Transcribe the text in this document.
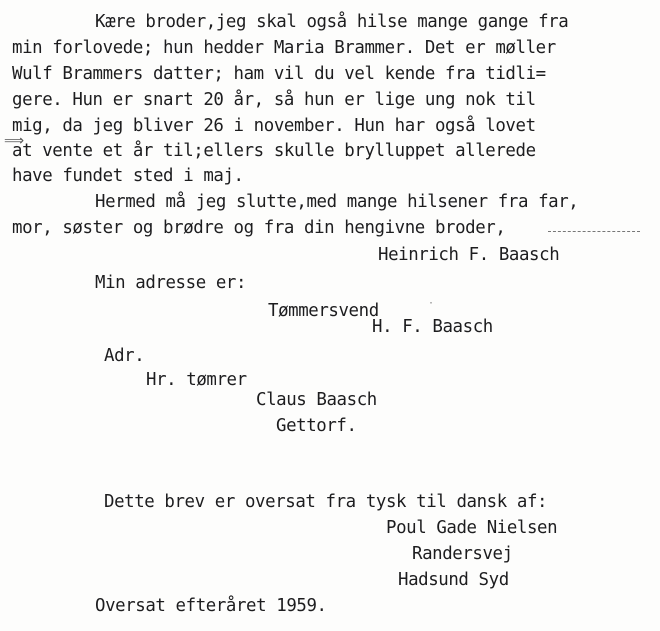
⟹
Kære broder,jeg skal også hilse mange gange fra
min forlovede; hun hedder Maria Brammer. Det er møller
Wulf Brammers datter; ham vil du vel kende fra tidli=
gere. Hun er snart 20 år, så hun er lige ung nok til
mig, da jeg bliver 26 i november. Hun har også lovet
at vente et år til;ellers skulle brylluppet allerede
have fundet sted i maj.
Hermed må jeg slutte,med mange hilsener fra far,
mor, søster og brødre og fra din hengivne broder,
Heinrich F. Baasch
Min adresse er:
Tømmersvend	·
H. F. Baasch
Adr.
Hr. tømrer
Claus Baasch
Gettorf.
Dette brev er oversat fra tysk til dansk af:
Poul Gade Nielsen
Randersvej
Hadsund Syd
Oversat efteråret 1959.
